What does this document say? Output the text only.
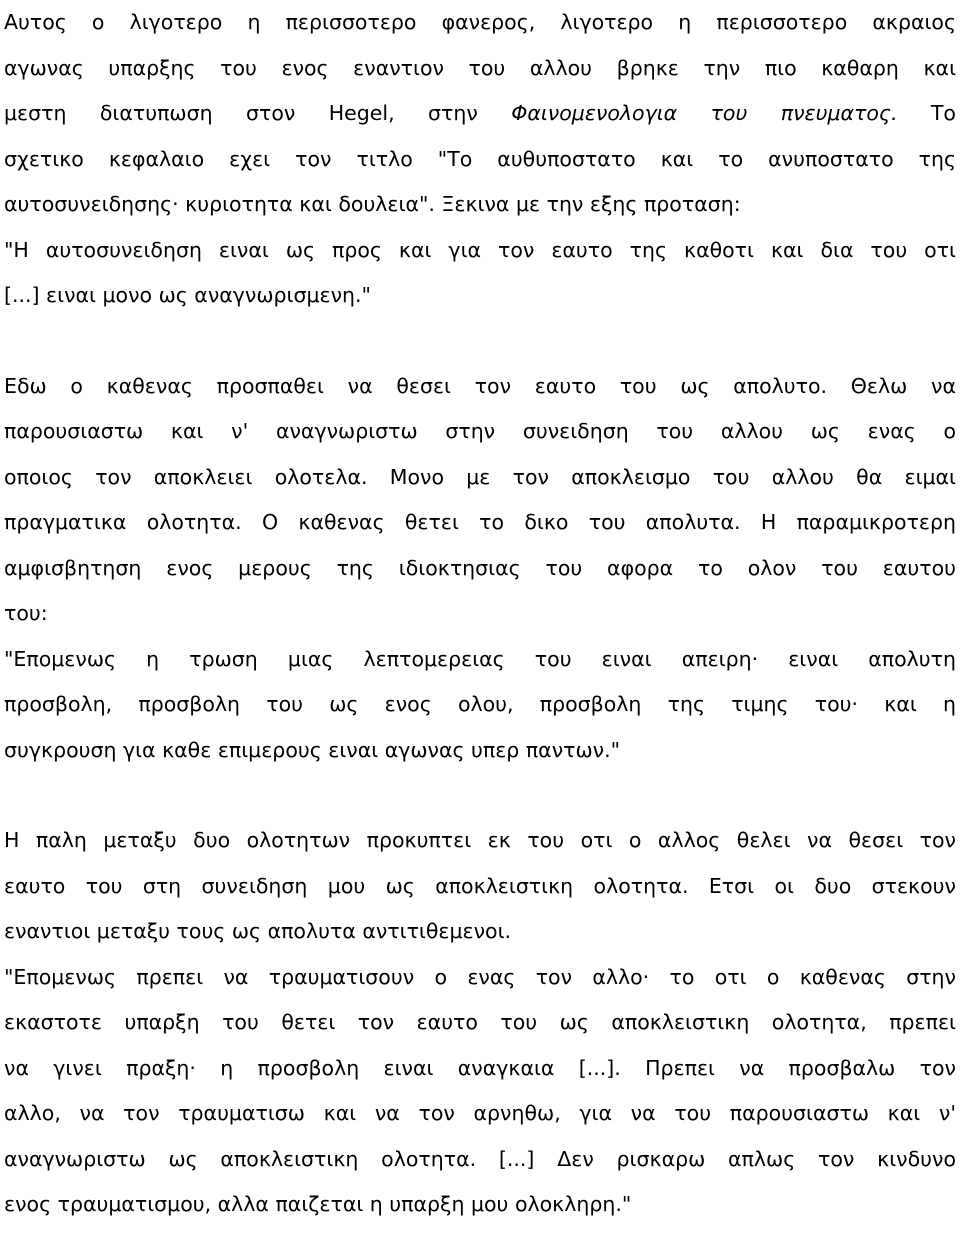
Αυτος ο λιγοτερο η περισσοτερο φανερος, λιγοτερο η περισσοτερο ακραιος
αγωνας υπαρξης του ενος εναντιον του αλλου βρηκε την πιο καθαρη και
μεστη διατυπωση στον Hegel, στην Φαινομενολογια του πνευματος. Το
σχετικο κεφαλαιο εχει τον τιτλο "Το αυθυποστατο και το ανυποστατο της
αυτοσυνειδησης· κυριοτητα και δουλεια". Ξεκινα με την εξης προταση:
"Η αυτοσυνειδηση ειναι ως προς και για τον εαυτο της καθοτι και δια του οτι
[...] ειναι μονο ως αναγνωρισμενη."
Εδω ο καθενας προσπαθει να θεσει τον εαυτο του ως απολυτο. Θελω να
παρουσιαστω και ν' αναγνωριστω στην συνειδηση του αλλου ως ενας ο
οποιος τον αποκλειει ολοτελα. Μονο με τον αποκλεισμο του αλλου θα ειμαι
πραγματικα ολοτητα. Ο καθενας θετει το δικο του απολυτα. Η παραμικροτερη
αμφισβητηση ενος μερους της ιδιοκτησιας του αφορα το ολον του εαυτου
του:
"Επομενως η τρωση μιας λεπτομερειας του ειναι απειρη· ειναι απολυτη
προσβολη, προσβολη του ως ενος ολου, προσβολη της τιμης του· και η
συγκρουση για καθε επιμερους ειναι αγωνας υπερ παντων."
Η παλη μεταξυ δυο ολοτητων προκυπτει εκ του οτι ο αλλος θελει να θεσει τον
εαυτο του στη συνειδηση μου ως αποκλειστικη ολοτητα. Ετσι οι δυο στεκουν
εναντιοι μεταξυ τους ως απολυτα αντιτιθεμενοι.
"Επομενως πρεπει να τραυματισουν ο ενας τον αλλο· το οτι ο καθενας στην
εκαστοτε υπαρξη του θετει τον εαυτο του ως αποκλειστικη ολοτητα, πρεπει
να γινει πραξη· η προσβολη ειναι αναγκαια [...]. Πρεπει να προσβαλω τον
αλλο, να τον τραυματισω και να τον αρνηθω, για να του παρουσιαστω και ν'
αναγνωριστω ως αποκλειστικη ολοτητα. [...] Δεν ρισκαρω απλως τον κινδυνο
ενος τραυματισμου, αλλα παιζεται η υπαρξη μου ολοκληρη."
